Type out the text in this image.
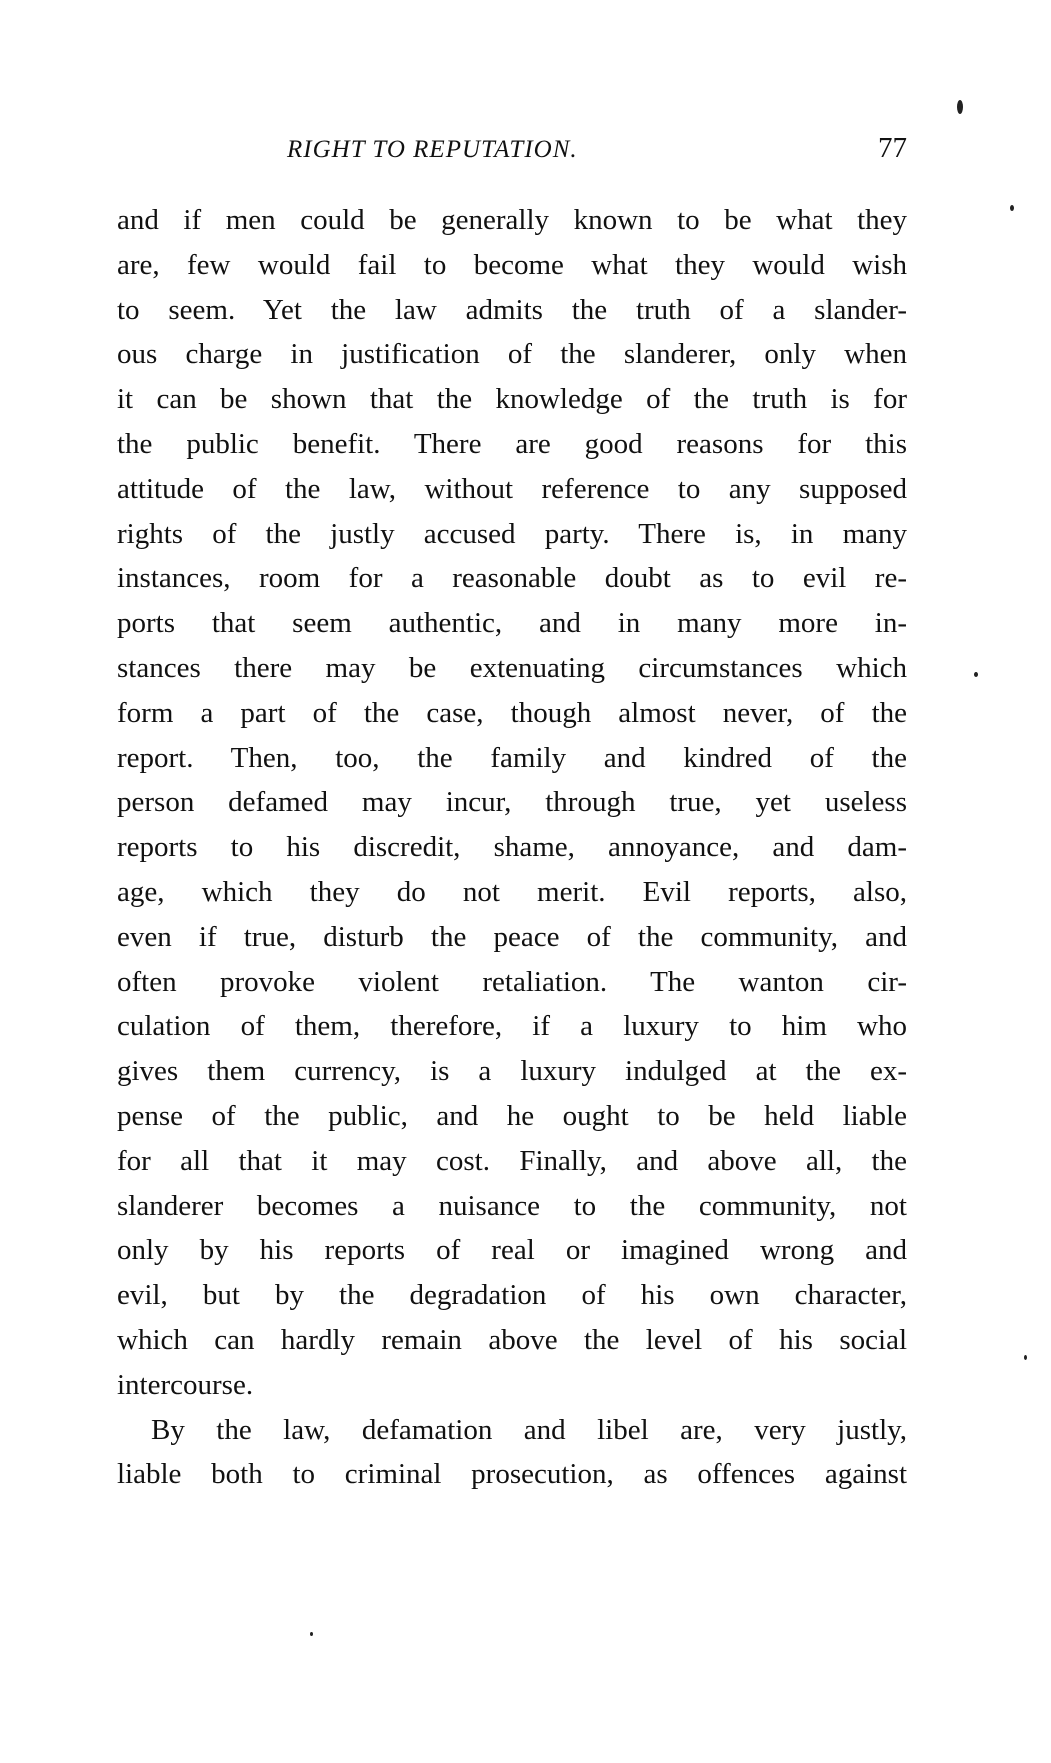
RIGHT TO REPUTATION.	77
and if men could be generally known to be what they
are, few would fail to become what they would wish
to seem. Yet the law admits the truth of a slander-
ous charge in justification of the slanderer, only when
it can be shown that the knowledge of the truth is for
the public benefit. There are good reasons for this
attitude of the law, without reference to any supposed
rights of the justly accused party. There is, in many
instances, room for a reasonable doubt as to evil re-
ports that seem authentic, and in many more in-
stances there may be extenuating circumstances which
form a part of the case, though almost never, of the
report. Then, too, the family and kindred of the
person defamed may incur, through true, yet useless
reports to his discredit, shame, annoyance, and dam-
age, which they do not merit. Evil reports, also,
even if true, disturb the peace of the community, and
often provoke violent retaliation. The wanton cir-
culation of them, therefore, if a luxury to him who
gives them currency, is a luxury indulged at the ex-
pense of the public, and he ought to be held liable
for all that it may cost. Finally, and above all, the
slanderer becomes a nuisance to the community, not
only by his reports of real or imagined wrong and
evil, but by the degradation of his own character,
which can hardly remain above the level of his social
intercourse.
By the law, defamation and libel are, very justly,
liable both to criminal prosecution, as offences against
